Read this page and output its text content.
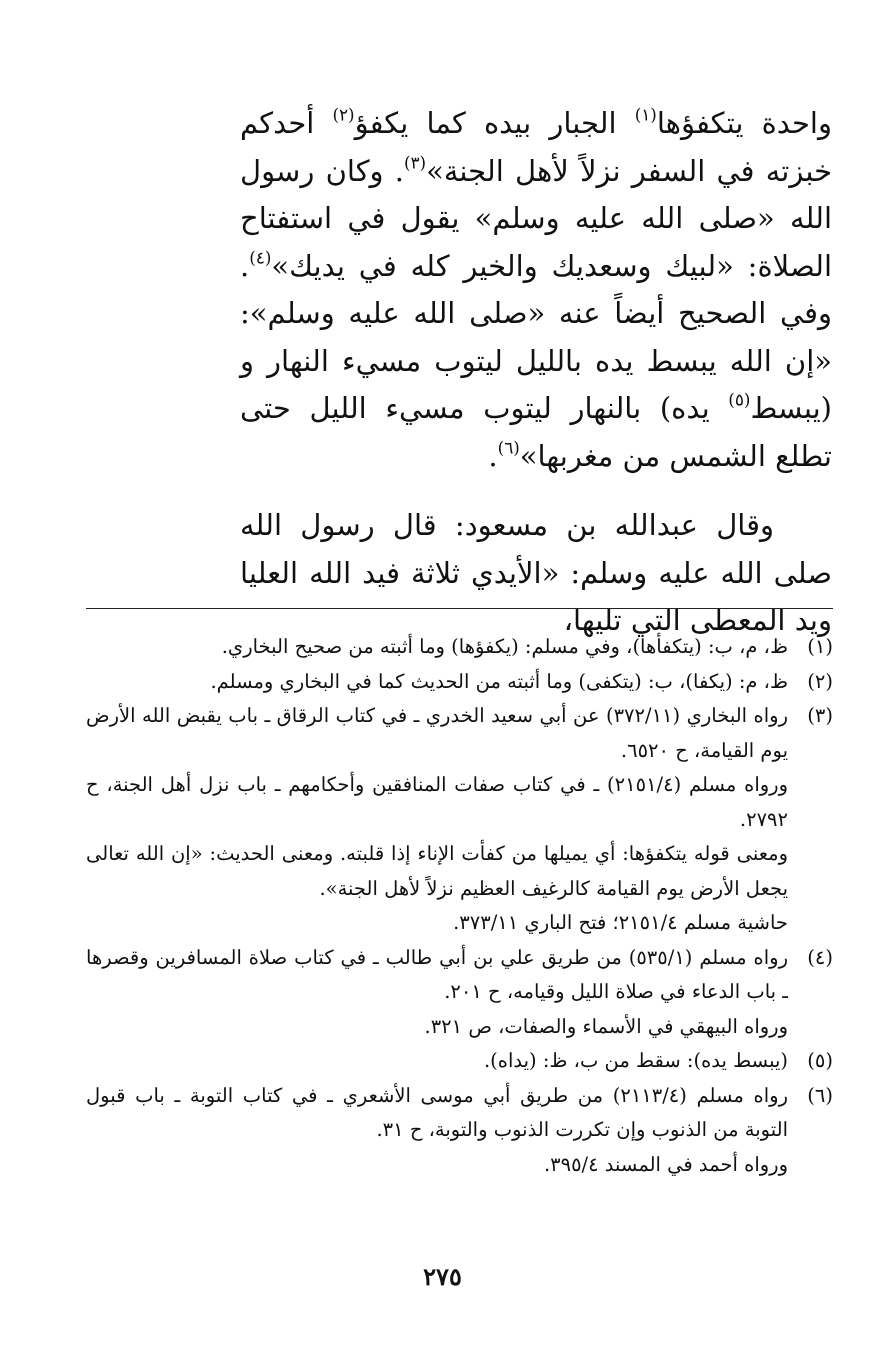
واحدة يتكفؤها$^{(١)}$ الجبار بيده كما يكفؤ$^{(٢)}$ أحدكم خبزته في السفر نزلاً لأهل الجنة»$^{(٣)}$. وكان رسول الله «صلى الله عليه وسلم» يقول في استفتاح الصلاة: «لبيك وسعديك والخير كله في يديك»$^{(٤)}$. وفي الصحيح أيضاً عنه «صلى الله عليه وسلم»: «إن الله يبسط يده بالليل ليتوب مسيء النهار و (يبسط$^{(٥)}$ يده) بالنهار ليتوب مسيء الليل حتى تطلع الشمس من مغربها»$^{(٦)}$.

وقال عبدالله بن مسعود: قال رسول الله صلى الله عليه وسلم: «الأيدي ثلاثة فيد الله العليا ويد المعطى التي تليها،

(١)
ظ، م، ب: (يتكفأها)، وفي مسلم: (يكفؤها) وما أثبته من صحيح البخاري.
(٢)
ظ، م: (يكفا)، ب: (يتكفى) وما أثبته من الحديث كما في البخاري ومسلم.
(٣)
رواه البخاري (٣٧٢/١١) عن أبي سعيد الخدري ـ في كتاب الرقاق ـ باب يقبض الله الأرض يوم القيامة، ح ٦٥٢٠.
ورواه مسلم (٢١٥١/٤) ـ في كتاب صفات المنافقين وأحكامهم ـ باب نزل أهل الجنة، ح ٢٧٩٢.
ومعنى قوله يتكفؤها: أي يميلها من كفأت الإناء إذا قلبته. ومعنى الحديث: «إن الله تعالى يجعل الأرض يوم القيامة كالرغيف العظيم نزلاً لأهل الجنة».
حاشية مسلم ٢١٥١/٤؛ فتح الباري ٣٧٣/١١.
(٤)
رواه مسلم (٥٣٥/١) من طريق علي بن أبي طالب ـ في كتاب صلاة المسافرين وقصرها ـ باب الدعاء في صلاة الليل وقيامه، ح ٢٠١.
ورواه البيهقي في الأسماء والصفات، ص ٣٢١.
(٥)
(يبسط يده): سقط من ب، ظ: (يداه).
(٦)
رواه مسلم (٢١١٣/٤) من طريق أبي موسى الأشعري ـ في كتاب التوبة ـ باب قبول التوبة من الذنوب وإن تكررت الذنوب والتوبة، ح ٣١.
ورواه أحمد في المسند ٣٩٥/٤.
٢٧٥
